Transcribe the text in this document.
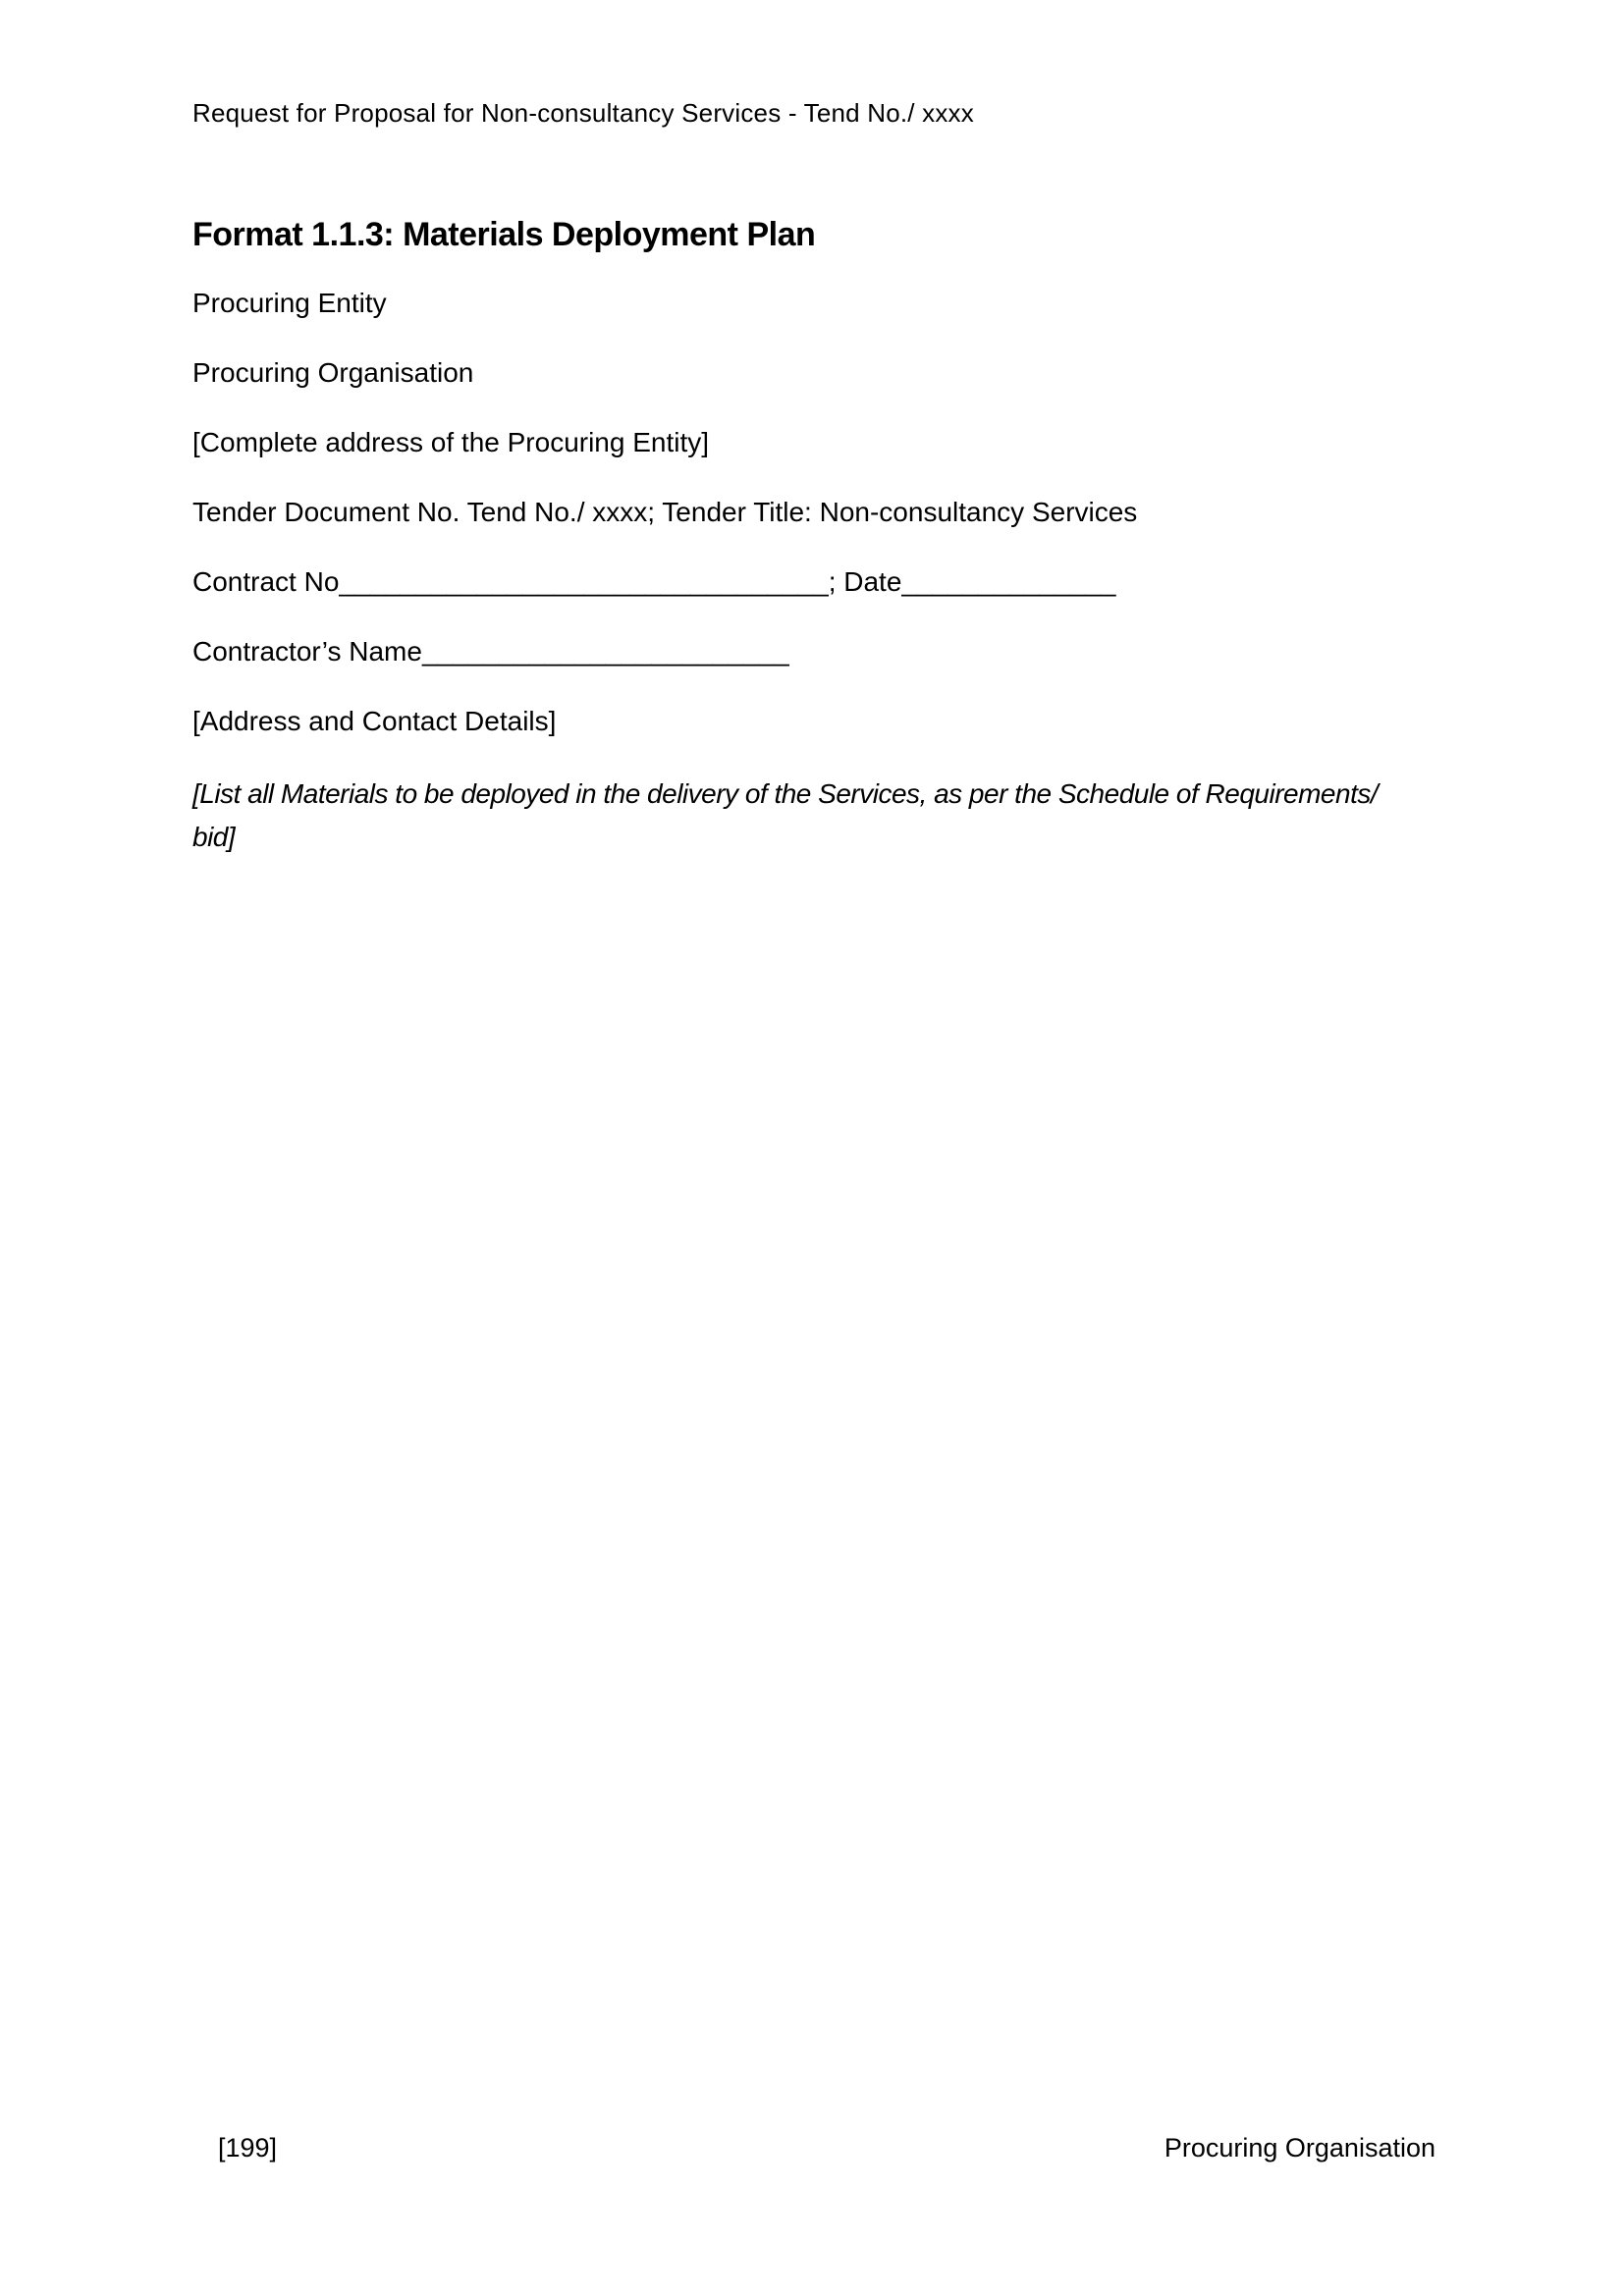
Request for Proposal for Non-consultancy Services - Tend No./ xxxx
Format 1.1.3: Materials Deployment Plan

Procuring Entity

Procuring Organisation

[Complete address of the Procuring Entity]

Tender Document No. Tend No./ xxxx; Tender Title: Non-consultancy Services

Contract No________________________________; Date______________

Contractor’s Name________________________

[Address and Contact Details]

[List all Materials to be deployed in the delivery of the Services, as per the Schedule of Requirements/
bid]

[199]	Procuring Organisation
